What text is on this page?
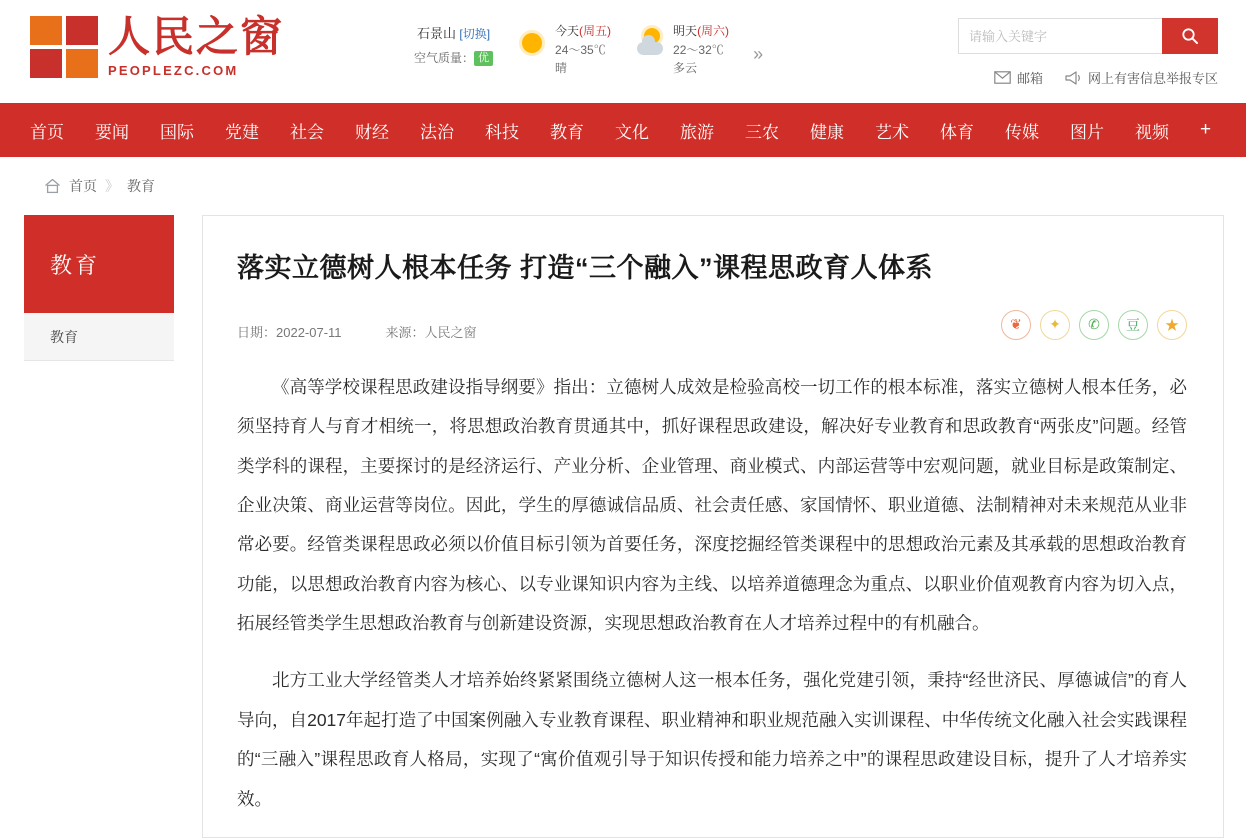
人民之窗
PEOPLEZC.COM
石景山 [切换]
空气质量： 优
今天(周五)
24～35℃
晴
明天(周六)
22～32℃
多云
»
请输入关键字
邮箱	网上有害信息举报专区
首页 要闻 国际 党建 社会 财经 法治 科技 教育 文化 旅游 三农 健康 艺术 体育 传媒 图片 视频 +
首页 》 教育
教育
教育
落实立德树人根本任务 打造“三个融入”课程思政育人体系
日期：2022-07-11	来源：人民之窗
❦	✦	✆	豆	★

《高等学校课程思政建设指导纲要》指出：立德树人成效是检验高校一切工作的根本标准，落实立德树人根本任务，必须坚持育人与育才相统一，将思想政治教育贯通其中，抓好课程思政建设，解决好专业教育和思政教育“两张皮”问题。经管类学科的课程，主要探讨的是经济运行、产业分析、企业管理、商业模式、内部运营等中宏观问题，就业目标是政策制定、企业决策、商业运营等岗位。因此，学生的厚德诚信品质、社会责任感、家国情怀、职业道德、法制精神对未来规范从业非常必要。经管类课程思政必须以价值目标引领为首要任务，深度挖掘经管类课程中的思想政治元素及其承载的思想政治教育功能，以思想政治教育内容为核心、以专业课知识内容为主线、以培养道德理念为重点、以职业价值观教育内容为切入点，拓展经管类学生思想政治教育与创新建设资源，实现思想政治教育在人才培养过程中的有机融合。

北方工业大学经管类人才培养始终紧紧围绕立德树人这一根本任务，强化党建引领，秉持“经世济民、厚德诚信”的育人导向，自2017年起打造了中国案例融入专业教育课程、职业精神和职业规范融入实训课程、中华传统文化融入社会实践课程的“三融入”课程思政育人格局，实现了“寓价值观引导于知识传授和能力培养之中”的课程思政建设目标，提升了人才培养实效。
